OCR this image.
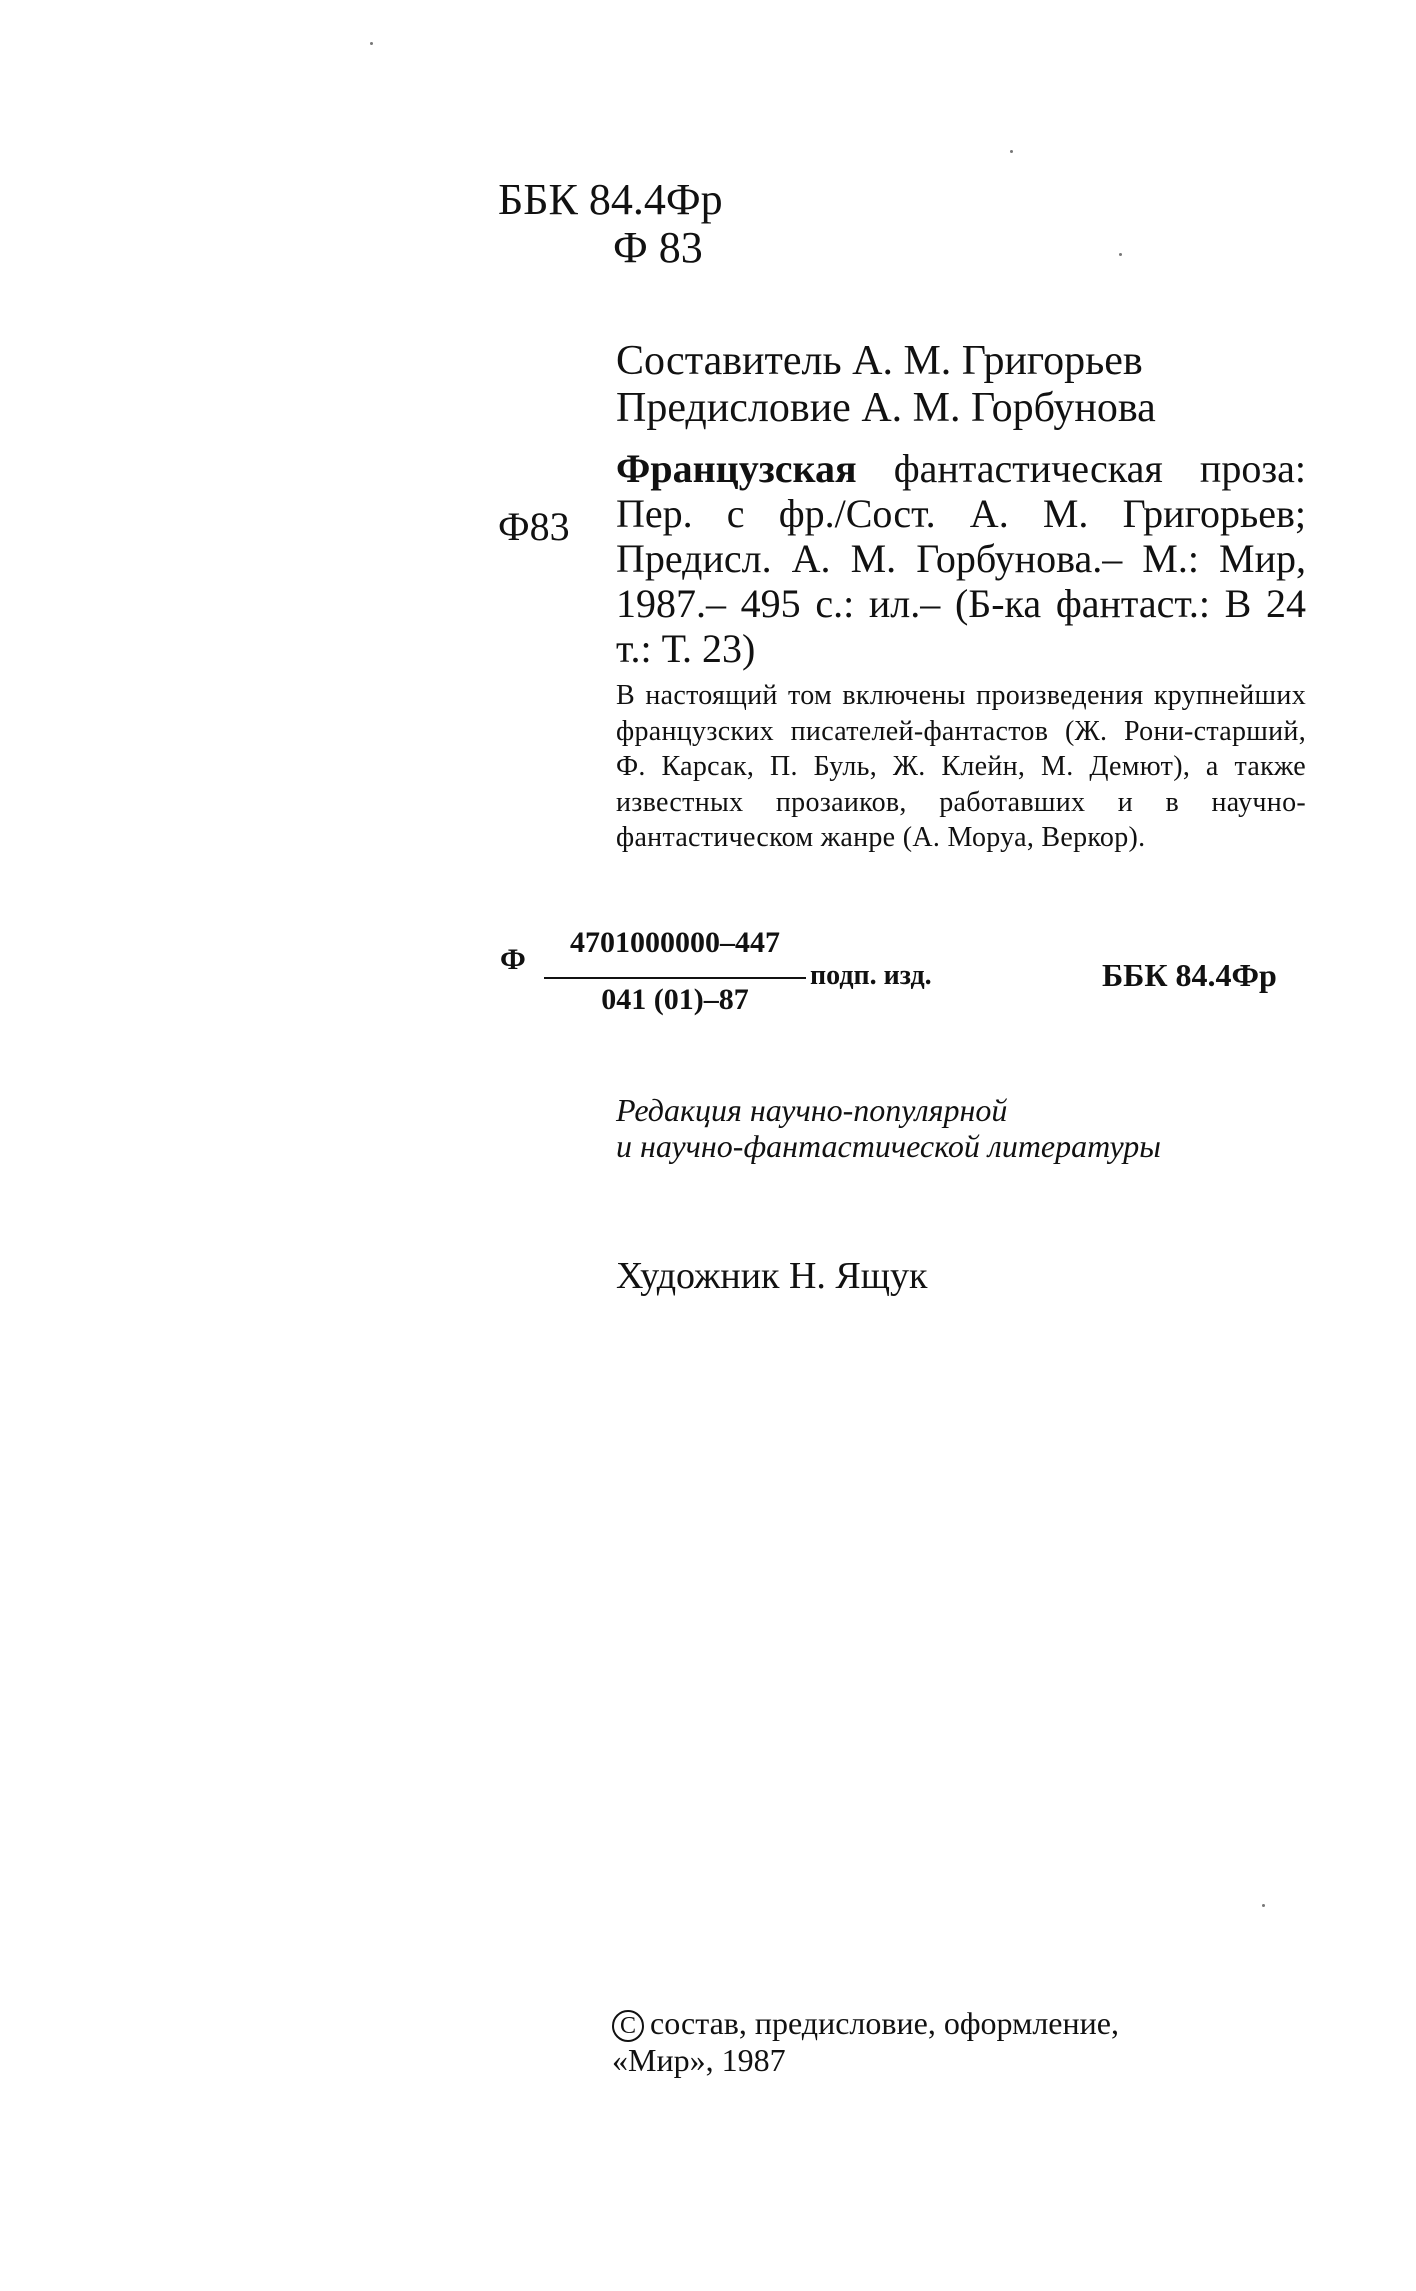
ББК 84.4Фр
Ф 83
Составитель А. М. Григорьев
Предисловие А. М. Горбунова
Ф83
Французская фантастическая проза: Пер. с фр./Сост. А. М. Григорьев; Предисл. А. М. Горбунова.– М.: Мир, 1987.– 495 с.: ил.– (Б-ка фантаст.: В 24 т.: Т. 23)
В настоящий том включены произведения крупнейших французских писателей-фантастов (Ж. Рони-старший, Ф. Карсак, П. Буль, Ж. Клейн, М. Демют), а также известных прозаиков, работавших и в научно-фантастическом жанре (А. Моруа, Веркор).
Ф
4701000000–447
041 (01)–87
подп. изд.	ББК 84.4Фр
Редакция научно-популярной
и научно-фантастической литературы
Художник Н. Ящук
C состав, предисловие, оформление,
«Мир», 1987
